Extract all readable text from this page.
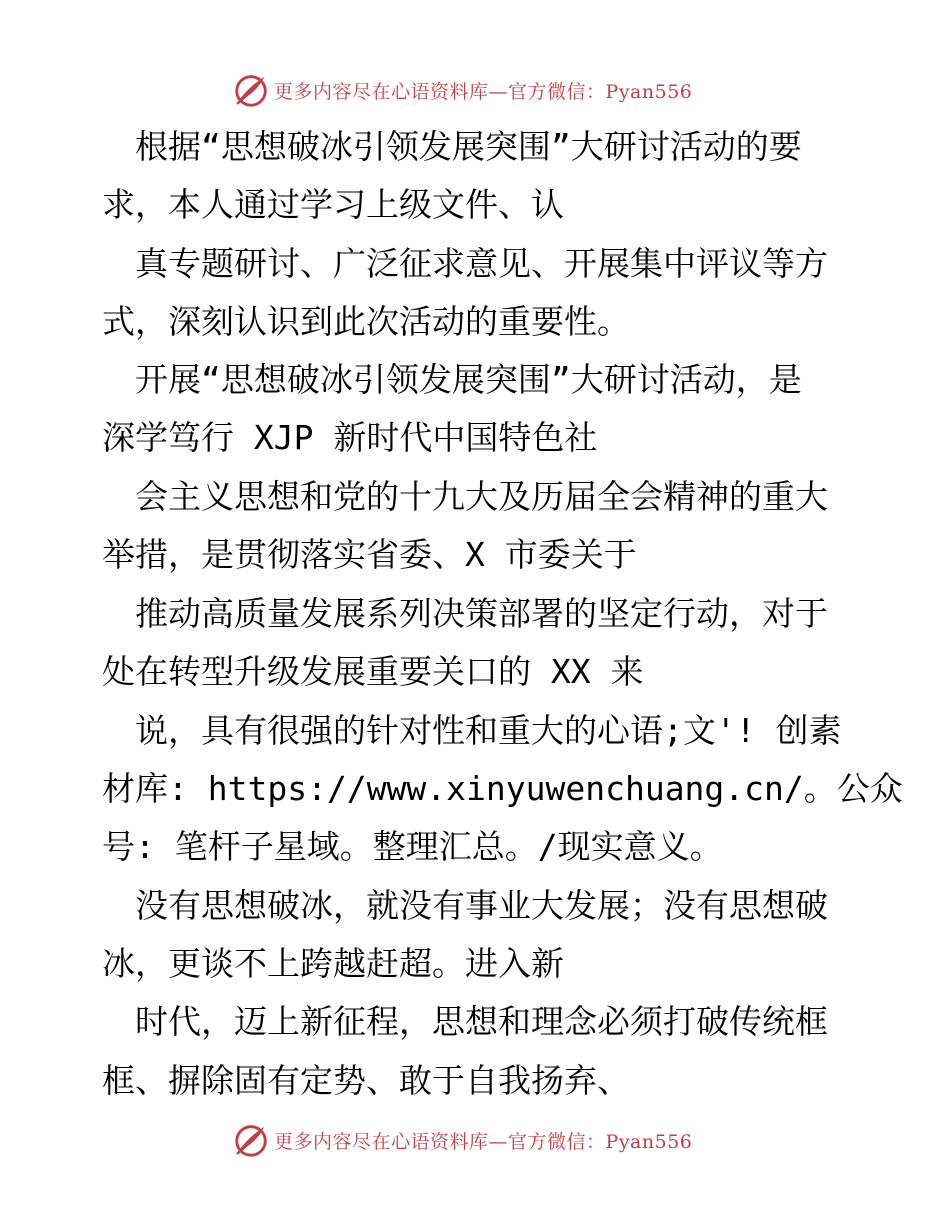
更多内容尽在心语资料库—官方微信：Pyan556
根据“思想破冰引领发展突围”大研讨活动的要
求，本人通过学习上级文件、认
真专题研讨、广泛征求意见、开展集中评议等方
式，深刻认识到此次活动的重要性。
开展“思想破冰引领发展突围”大研讨活动，是
深学笃行 XJP 新时代中国特色社
会主义思想和党的十九大及历届全会精神的重大
举措，是贯彻落实省委、X 市委关于
推动高质量发展系列决策部署的坚定行动，对于
处在转型升级发展重要关口的 XX 来
说，具有很强的针对性和重大的心语;文'! 创素
材库: https://www.xinyuwenchuang.cn/。公众
号: 笔杆子星域。整理汇总。/现实意义。
没有思想破冰，就没有事业大发展；没有思想破
冰，更谈不上跨越赶超。进入新
时代，迈上新征程，思想和理念必须打破传统框
框、摒除固有定势、敢于自我扬弃、
更多内容尽在心语资料库—官方微信：Pyan556
